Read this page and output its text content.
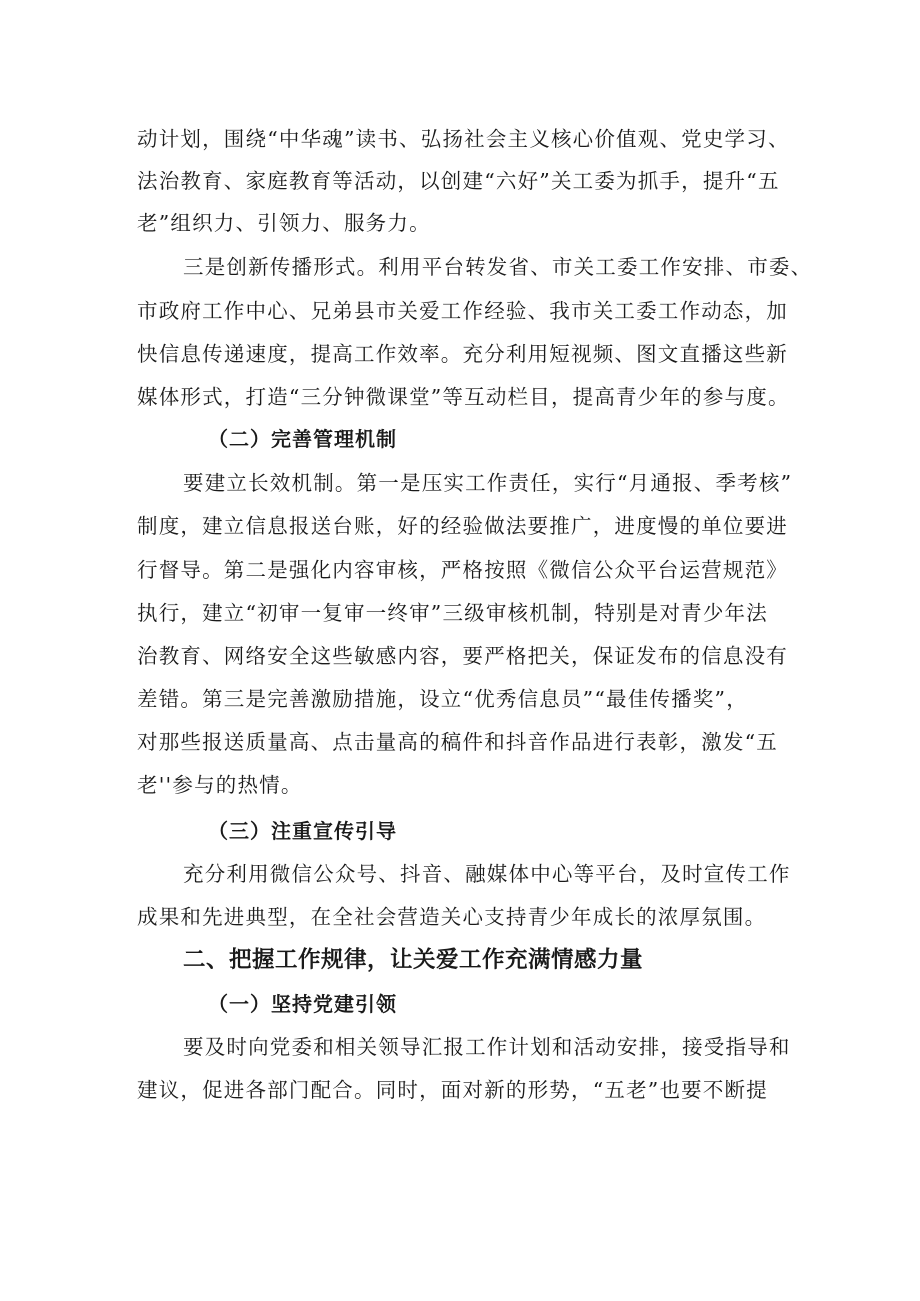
动计划，围绕“中华魂”读书、弘扬社会主义核心价值观、党史学习、

法治教育、家庭教育等活动，以创建“六好”关工委为抓手，提升“五

老”组织力、引领力、服务力。

三是创新传播形式。利用平台转发省、市关工委工作安排、市委、

市政府工作中心、兄弟县市关爱工作经验、我市关工委工作动态，加

快信息传递速度，提高工作效率。充分利用短视频、图文直播这些新

媒体形式，打造“三分钟微课堂”等互动栏目，提高青少年的参与度。

（二）完善管理机制

要建立长效机制。第一是压实工作责任，实行“月通报、季考核”

制度，建立信息报送台账，好的经验做法要推广，进度慢的单位要进

行督导。第二是强化内容审核，严格按照《微信公众平台运营规范》

执行，建立“初审一复审一终审”三级审核机制，特别是对青少年法

治教育、网络安全这些敏感内容，要严格把关，保证发布的信息没有

差错。第三是完善激励措施，设立“优秀信息员”“最佳传播奖”，

对那些报送质量高、点击量高的稿件和抖音作品进行表彰，激发“五

老''参与的热情。

（三）注重宣传引导

充分利用微信公众号、抖音、融媒体中心等平台，及时宣传工作

成果和先进典型，在全社会营造关心支持青少年成长的浓厚氛围。

二、把握工作规律，让关爱工作充满情感力量

（一）坚持党建引领

要及时向党委和相关领导汇报工作计划和活动安排，接受指导和

建议，促进各部门配合。同时，面对新的形势，“五老”也要不断提
